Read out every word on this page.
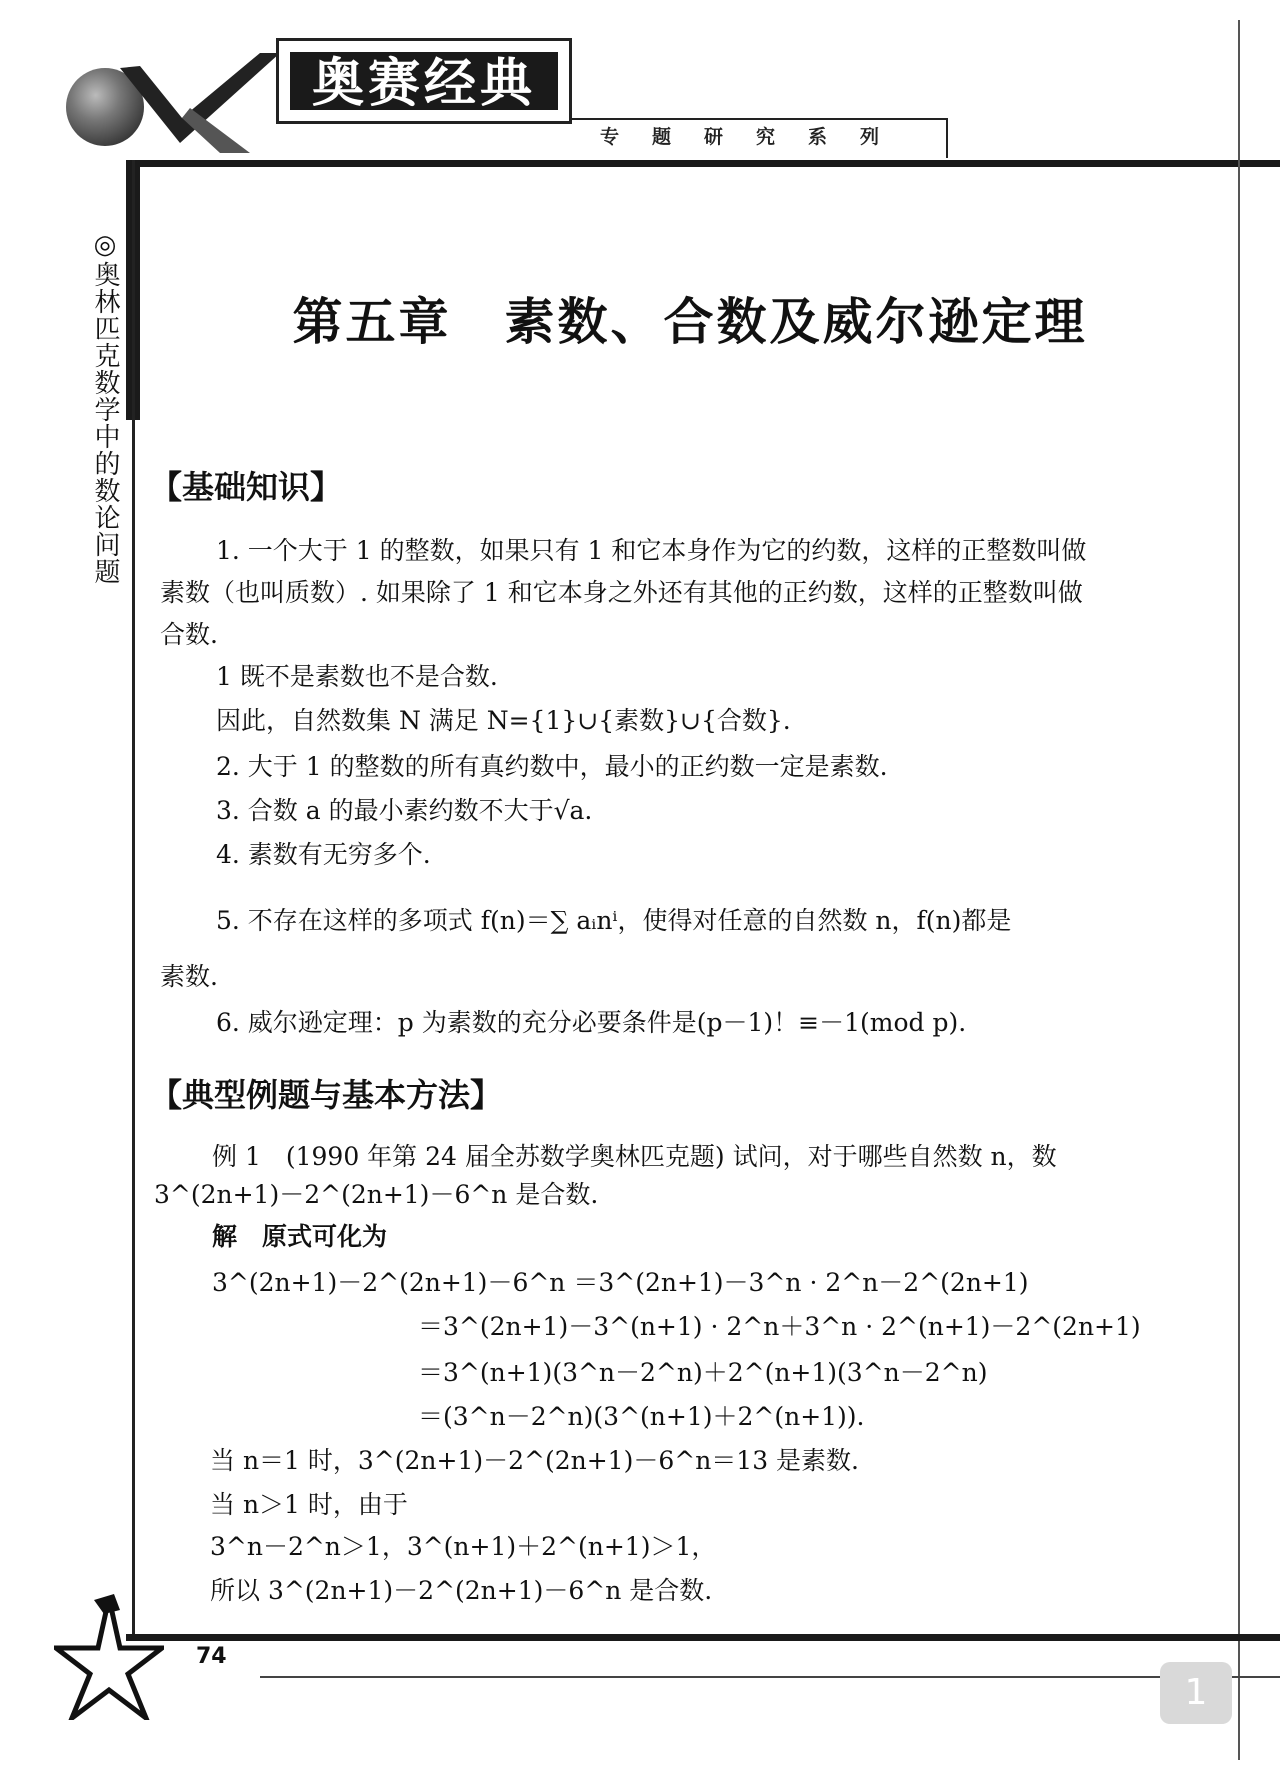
奥赛经典
专题研究系列
◎奥林匹克数学中的数论问题	第五章　素数、合数及威尔逊定理
【基础知识】
1. 一个大于 1 的整数，如果只有 1 和它本身作为它的约数，这样的正整数叫做
素数（也叫质数）. 如果除了 1 和它本身之外还有其他的正约数，这样的正整数叫做
合数.
1 既不是素数也不是合数.
因此，自然数集 N 满足 N={1}∪{素数}∪{合数}.
2. 大于 1 的整数的所有真约数中，最小的正约数一定是素数.
3. 合数 a 的最小素约数不大于√a.
4. 素数有无穷多个.
5. 不存在这样的多项式 f(n)＝∑ aᵢnⁱ，使得对任意的自然数 n，f(n)都是
素数.
6. 威尔逊定理：p 为素数的充分必要条件是(p－1)！≡－1(mod p).
【典型例题与基本方法】
例 1　(1990 年第 24 届全苏数学奥林匹克题) 试问，对于哪些自然数 n，数
3^(2n+1)－2^(2n+1)－6^n 是合数.
解　原式可化为
3^(2n+1)－2^(2n+1)－6^n ＝3^(2n+1)－3^n · 2^n－2^(2n+1)
＝3^(2n+1)－3^(n+1) · 2^n＋3^n · 2^(n+1)－2^(2n+1)
＝3^(n+1)(3^n－2^n)＋2^(n+1)(3^n－2^n)
＝(3^n－2^n)(3^(n+1)＋2^(n+1)).
当 n＝1 时，3^(2n+1)－2^(2n+1)－6^n＝13 是素数.
当 n＞1 时，由于
3^n－2^n＞1，3^(n+1)＋2^(n+1)＞1，
所以 3^(2n+1)－2^(2n+1)－6^n 是合数.
74
1
